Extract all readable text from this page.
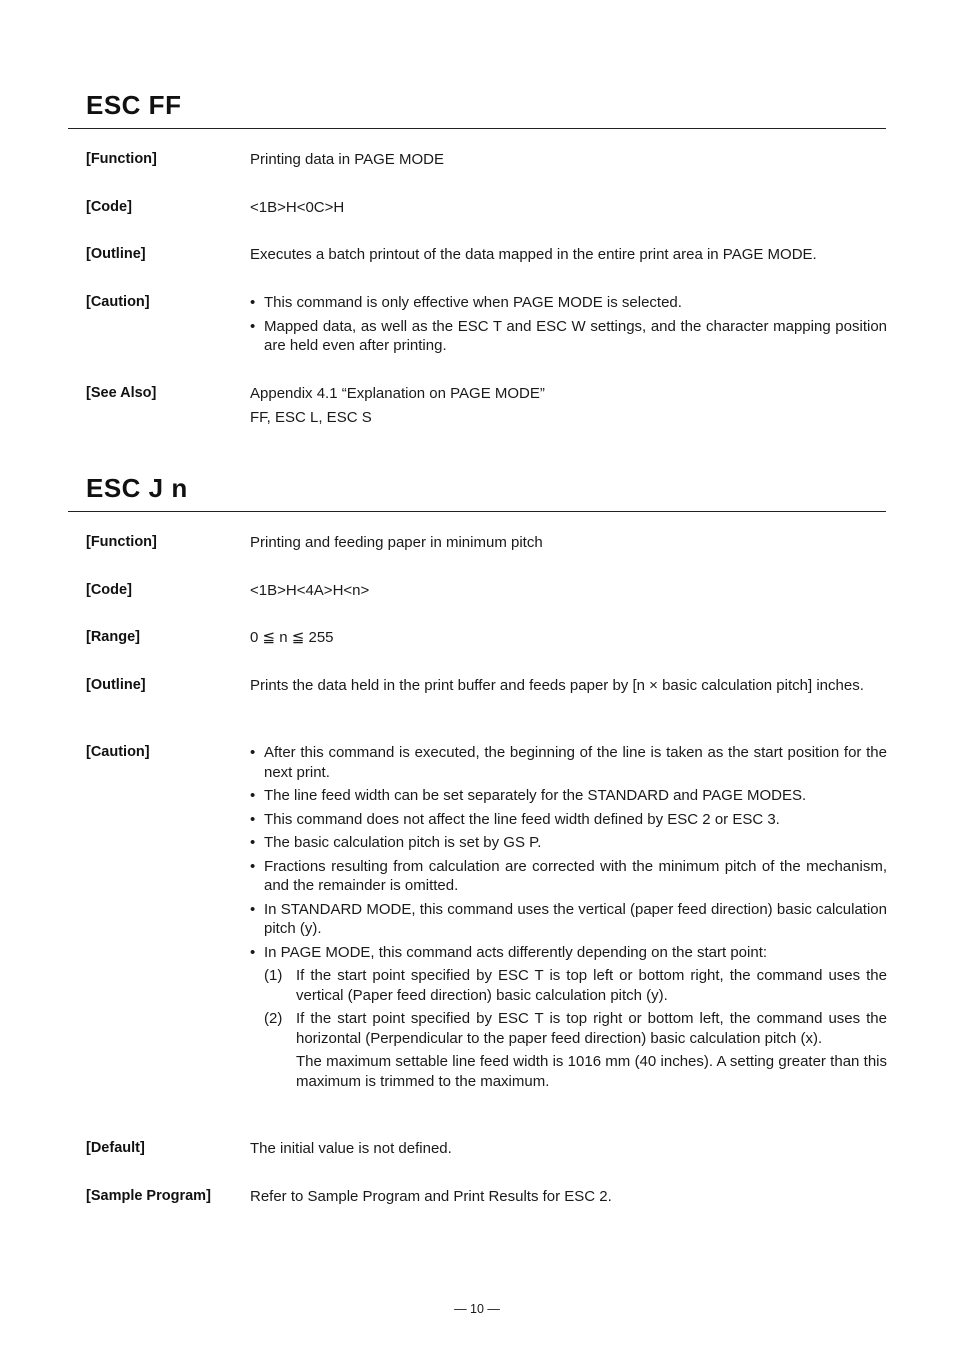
ESC FF
[Function]	Printing data in PAGE MODE

[Code]	<1B>H<0C>H

[Outline]	Executes a batch printout of the data mapped in the entire print area in PAGE MODE.

[Caution]	• This command is only effective when PAGE MODE is selected.
• Mapped data, as well as the ESC T and ESC W settings, and the character mapping position are held even after printing.
[See Also]	Appendix 4.1 “Explanation on PAGE MODE”

FF, ESC L, ESC S

ESC J n
[Function]	Printing and feeding paper in minimum pitch

[Code]	<1B>H<4A>H<n>

[Range]	0 ≦ n ≦ 255

[Outline]	Prints the data held in the print buffer and feeds paper by [n × basic calculation pitch] inches.

[Caution]	• After this command is executed, the beginning of the line is taken as the start position for the next print.
• The line feed width can be set separately for the STANDARD and PAGE MODES.
• This command does not affect the line feed width defined by ESC 2 or ESC 3.
• The basic calculation pitch is set by GS P.
• Fractions resulting from calculation are corrected with the minimum pitch of the mechanism, and the remainder is omitted.
• In STANDARD MODE, this command uses the vertical (paper feed direction) basic calculation pitch (y).
• In PAGE MODE, this command acts differently depending on the start point:
(1) If the start point specified by ESC T is top left or bottom right, the command uses the vertical (Paper feed direction) basic calculation pitch (y).
(2) If the start point specified by ESC T is top right or bottom left, the command uses the horizontal (Perpendicular to the paper feed direction) basic calculation pitch (x).

The maximum settable line feed width is 1016 mm (40 inches). A setting greater than this maximum is trimmed to the maximum.

[Default]	The initial value is not defined.

[Sample Program]	Refer to Sample Program and Print Results for ESC 2.

— 10 —
